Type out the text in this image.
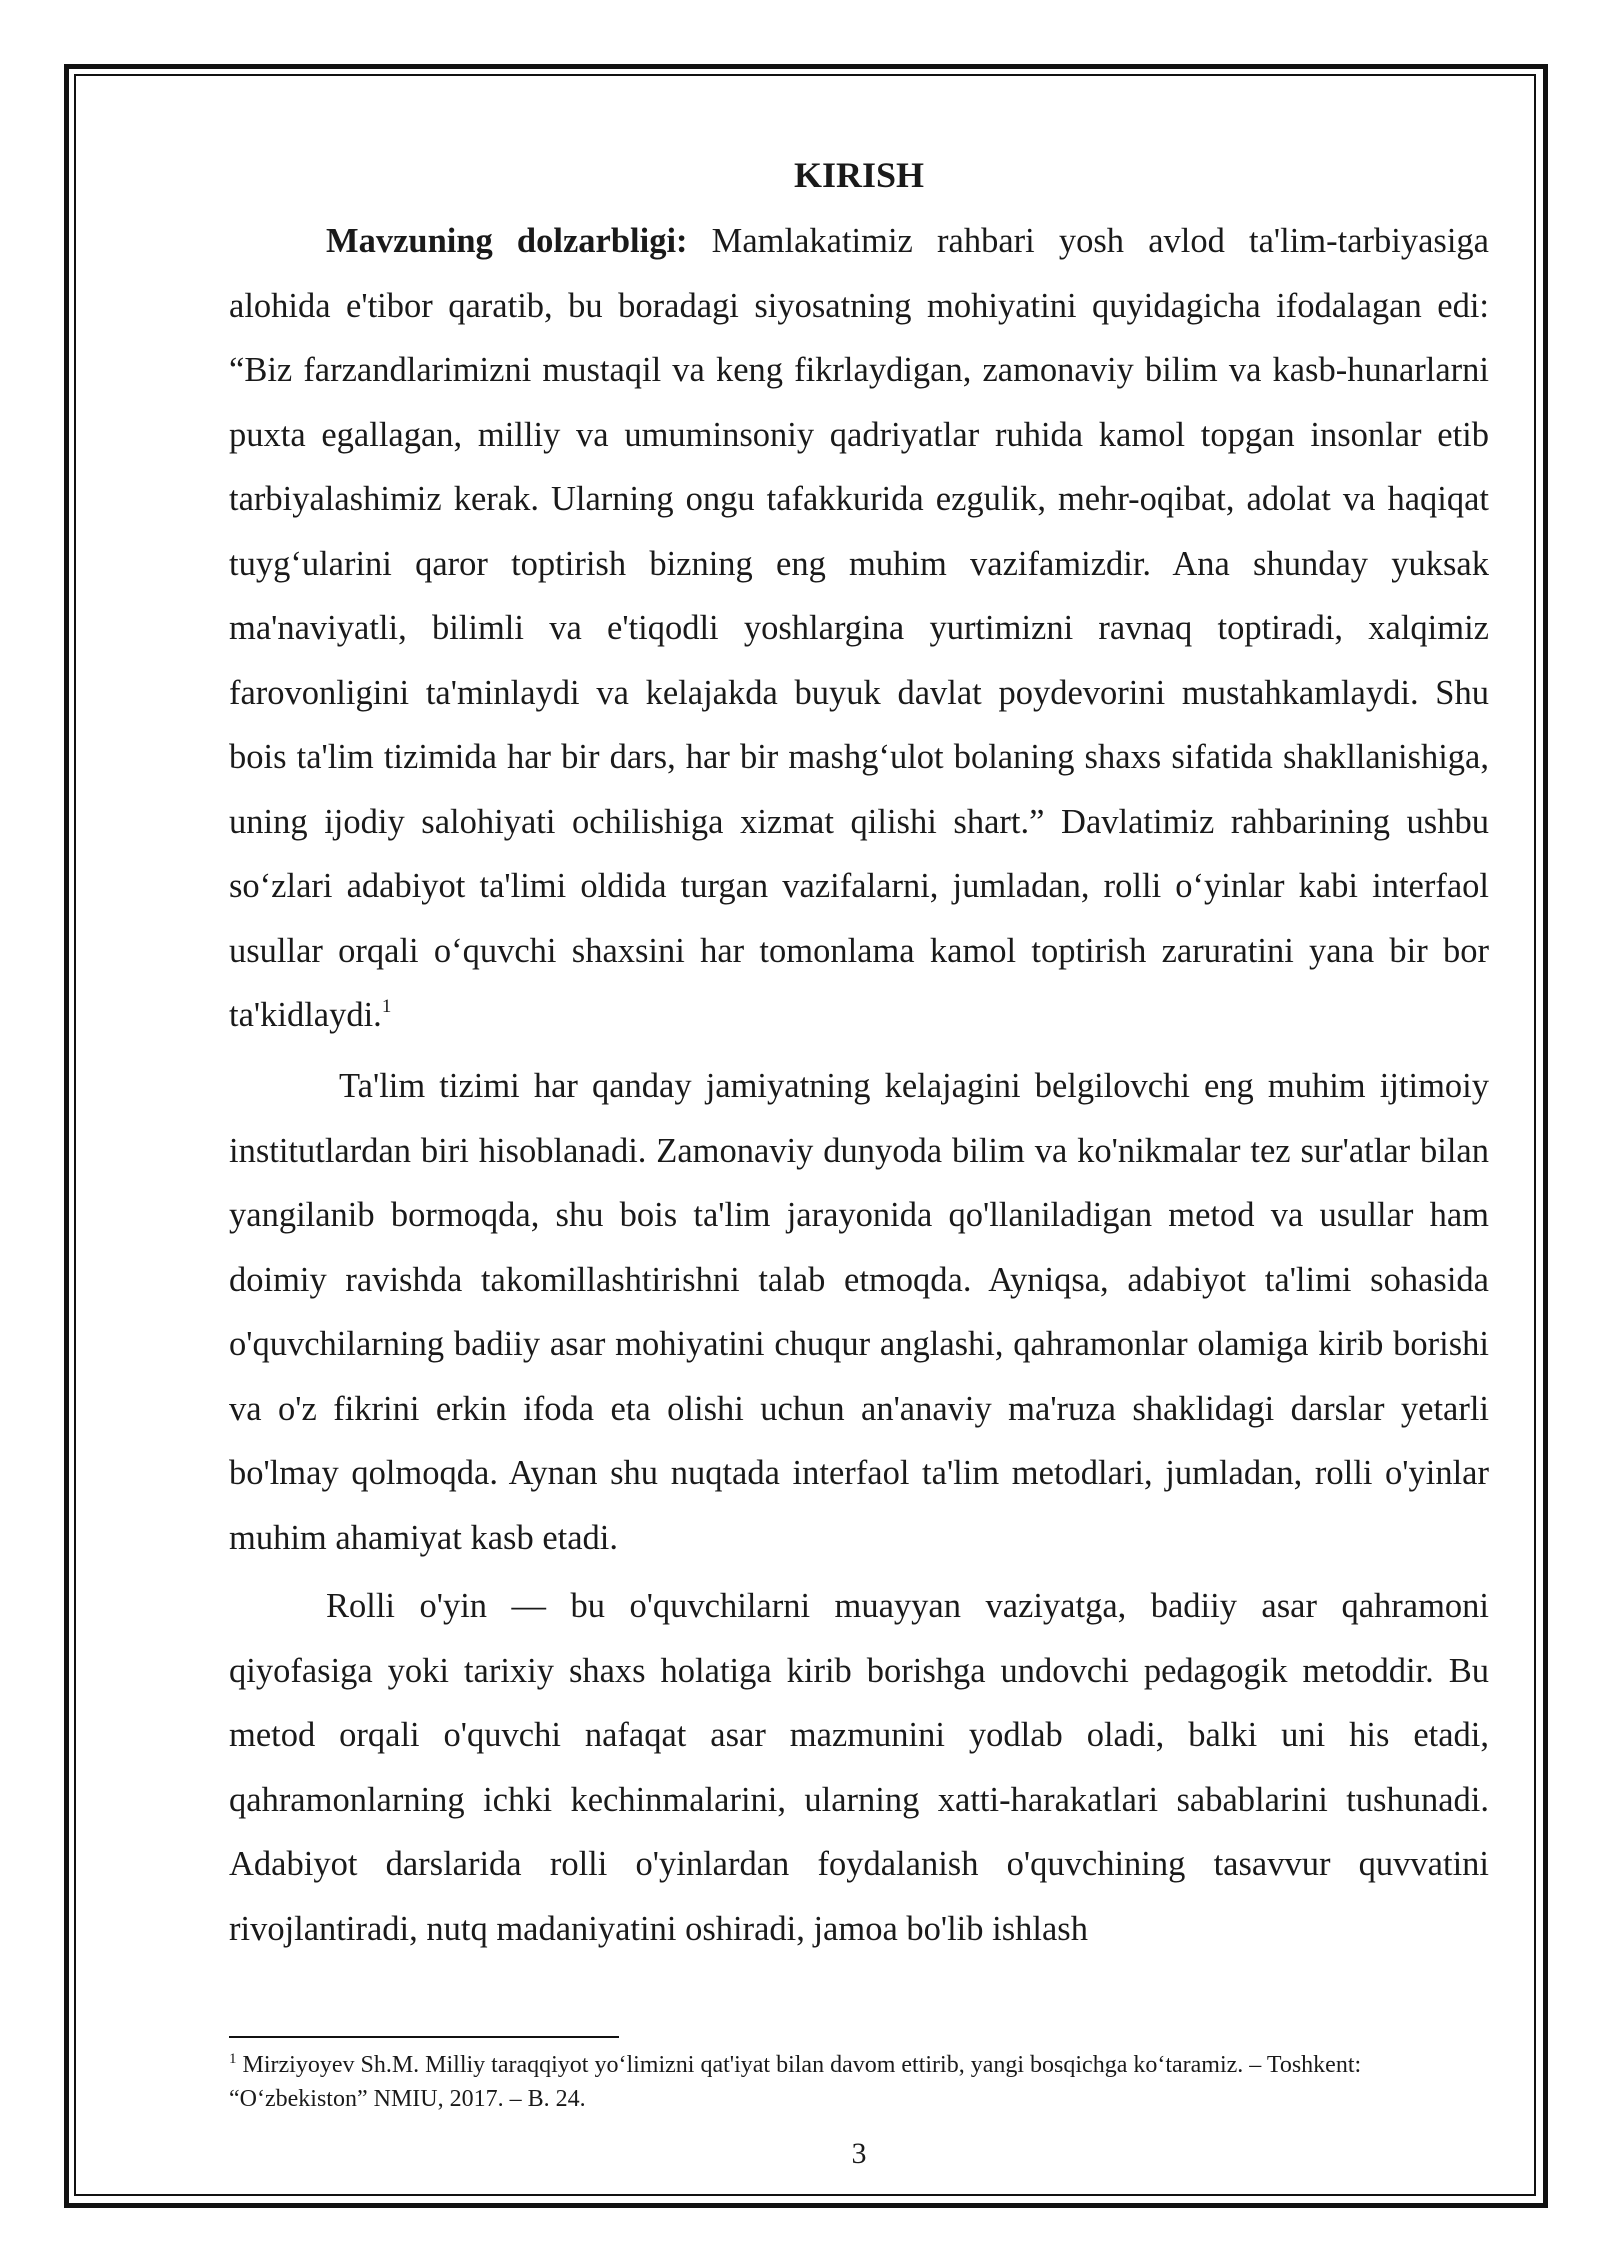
KIRISH

Mavzuning dolzarbligi: Mamlakatimiz rahbari yosh avlod ta'lim-tarbiyasiga alohida e'tibor qaratib, bu boradagi siyosatning mohiyatini quyidagicha ifodalagan edi: “Biz farzandlarimizni mustaqil va keng fikrlaydigan, zamonaviy bilim va kasb-hunarlarni puxta egallagan, milliy va umuminsoniy qadriyatlar ruhida kamol topgan insonlar etib tarbiyalashimiz kerak. Ularning ongu tafakkurida ezgulik, mehr-oqibat, adolat va haqiqat tuyg‘ularini qaror toptirish bizning eng muhim vazifamizdir. Ana shunday yuksak ma'naviyatli, bilimli va e'tiqodli yoshlargina yurtimizni ravnaq toptiradi, xalqimiz farovonligini ta'minlaydi va kelajakda buyuk davlat poydevorini mustahkamlaydi. Shu bois ta'lim tizimida har bir dars, har bir mashg‘ulot bolaning shaxs sifatida shakllanishiga, uning ijodiy salohiyati ochilishiga xizmat qilishi shart.” Davlatimiz rahbarining ushbu so‘zlari adabiyot ta'limi oldida turgan vazifalarni, jumladan, rolli o‘yinlar kabi interfaol usullar orqali o‘quvchi shaxsini har tomonlama kamol toptirish zaruratini yana bir bor ta'kidlaydi.$^1$

Ta'lim tizimi har qanday jamiyatning kelajagini belgilovchi eng muhim ijtimoiy institutlardan biri hisoblanadi. Zamonaviy dunyoda bilim va ko'nikmalar tez sur'atlar bilan yangilanib bormoqda, shu bois ta'lim jarayonida qo'llaniladigan metod va usullar ham doimiy ravishda takomillashtirishni talab etmoqda. Ayniqsa, adabiyot ta'limi sohasida o'quvchilarning badiiy asar mohiyatini chuqur anglashi, qahramonlar olamiga kirib borishi va o'z fikrini erkin ifoda eta olishi uchun an'anaviy ma'ruza shaklidagi darslar yetarli bo'lmay qolmoqda. Aynan shu nuqtada interfaol ta'lim metodlari, jumladan, rolli o'yinlar muhim ahamiyat kasb etadi.

Rolli o'yin — bu o'quvchilarni muayyan vaziyatga, badiiy asar qahramoni qiyofasiga yoki tarixiy shaxs holatiga kirib borishga undovchi pedagogik metoddir. Bu metod orqali o'quvchi nafaqat asar mazmunini yodlab oladi, balki uni his etadi, qahramonlarning ichki kechinmalarini, ularning xatti-harakatlari sabablarini tushunadi. Adabiyot darslarida rolli o'yinlardan foydalanish o'quvchining tasavvur quvvatini rivojlantiradi, nutq madaniyatini oshiradi, jamoa bo'lib ishlash

$^1$ Mirziyoyev Sh.M. Milliy taraqqiyot yo‘limizni qat'iyat bilan davom ettirib, yangi bosqichga ko‘taramiz. – Toshkent: “O‘zbekiston” NMIU, 2017. – B. 24.
3
